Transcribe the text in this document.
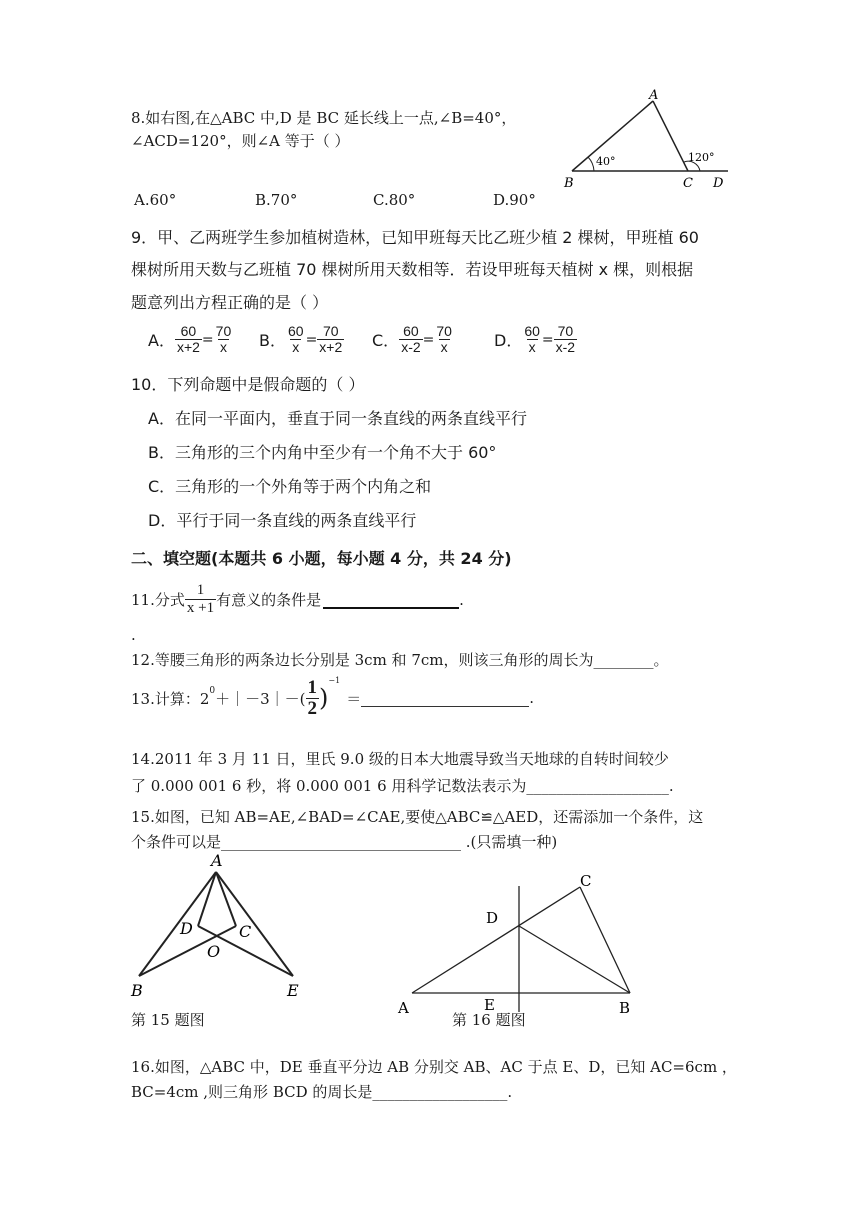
8.如右图,在△ABC 中,D 是 BC 延长线上一点,∠B=40°，
∠ACD=120°，则∠A 等于（ ）
A
B	C D
40°	120°
A.60°	B.70°	C.80°	D.90°
9．甲、乙两班学生参加植树造林，已知甲班每天比乙班少植 2 棵树，甲班植 60
棵树所用天数与乙班植 70 棵树所用天数相等．若设甲班每天植树 x 棵，则根据
题意列出方程正确的是（ ）
A． $\frac{60}{x+2} = \frac{70}{x}$ B． $\frac{60}{x} = \frac{70}{x+2}$ C． $\frac{60}{x-2} = \frac{70}{x}$	D． $\frac{60}{x} = \frac{70}{x-2}$
10．下列命题中是假命题的（ ）
A．在同一平面内，垂直于同一条直线的两条直线平行
B．三角形的三个内角中至少有一个角不大于 60°
C．三角形的一个外角等于两个内角之和
D．平行于同一条直线的两条直线平行
二、填空题(本题共 6 小题，每小题 4 分，共 24 分)
11.分式 $\frac{1}{x +1}$ 有意义的条件是	.
.
12.等腰三角形的两条边长分别是 3cm 和 7cm，则该三角形的周长为________。
13.计算：2 0 ＋｜－3｜－( $\frac{1}{2}$ )
−1
＝	.
14.2011 年 3 月 11 日，里氏 9.0 级的日本大地震导致当天地球的自转时间较少
了 0.000 001 6 秒，将 0.000 001 6 用科学记数法表示为___________________.
15.如图，已知 AB=AE,∠BAD=∠CAE,要使△ABC≌△AED，还需添加一个条件，这
个条件可以是________________________________ .(只需填一种)
A
B
C
D
E
O
C
D
A	E	B
第 15 题图	第 16 题图
16.如图，△ABC 中，DE 垂直平分边 AB 分别交 AB、AC 于点 E、D，已知 AC=6cm ，
BC=4cm ,则三角形 BCD 的周长是__________________.
